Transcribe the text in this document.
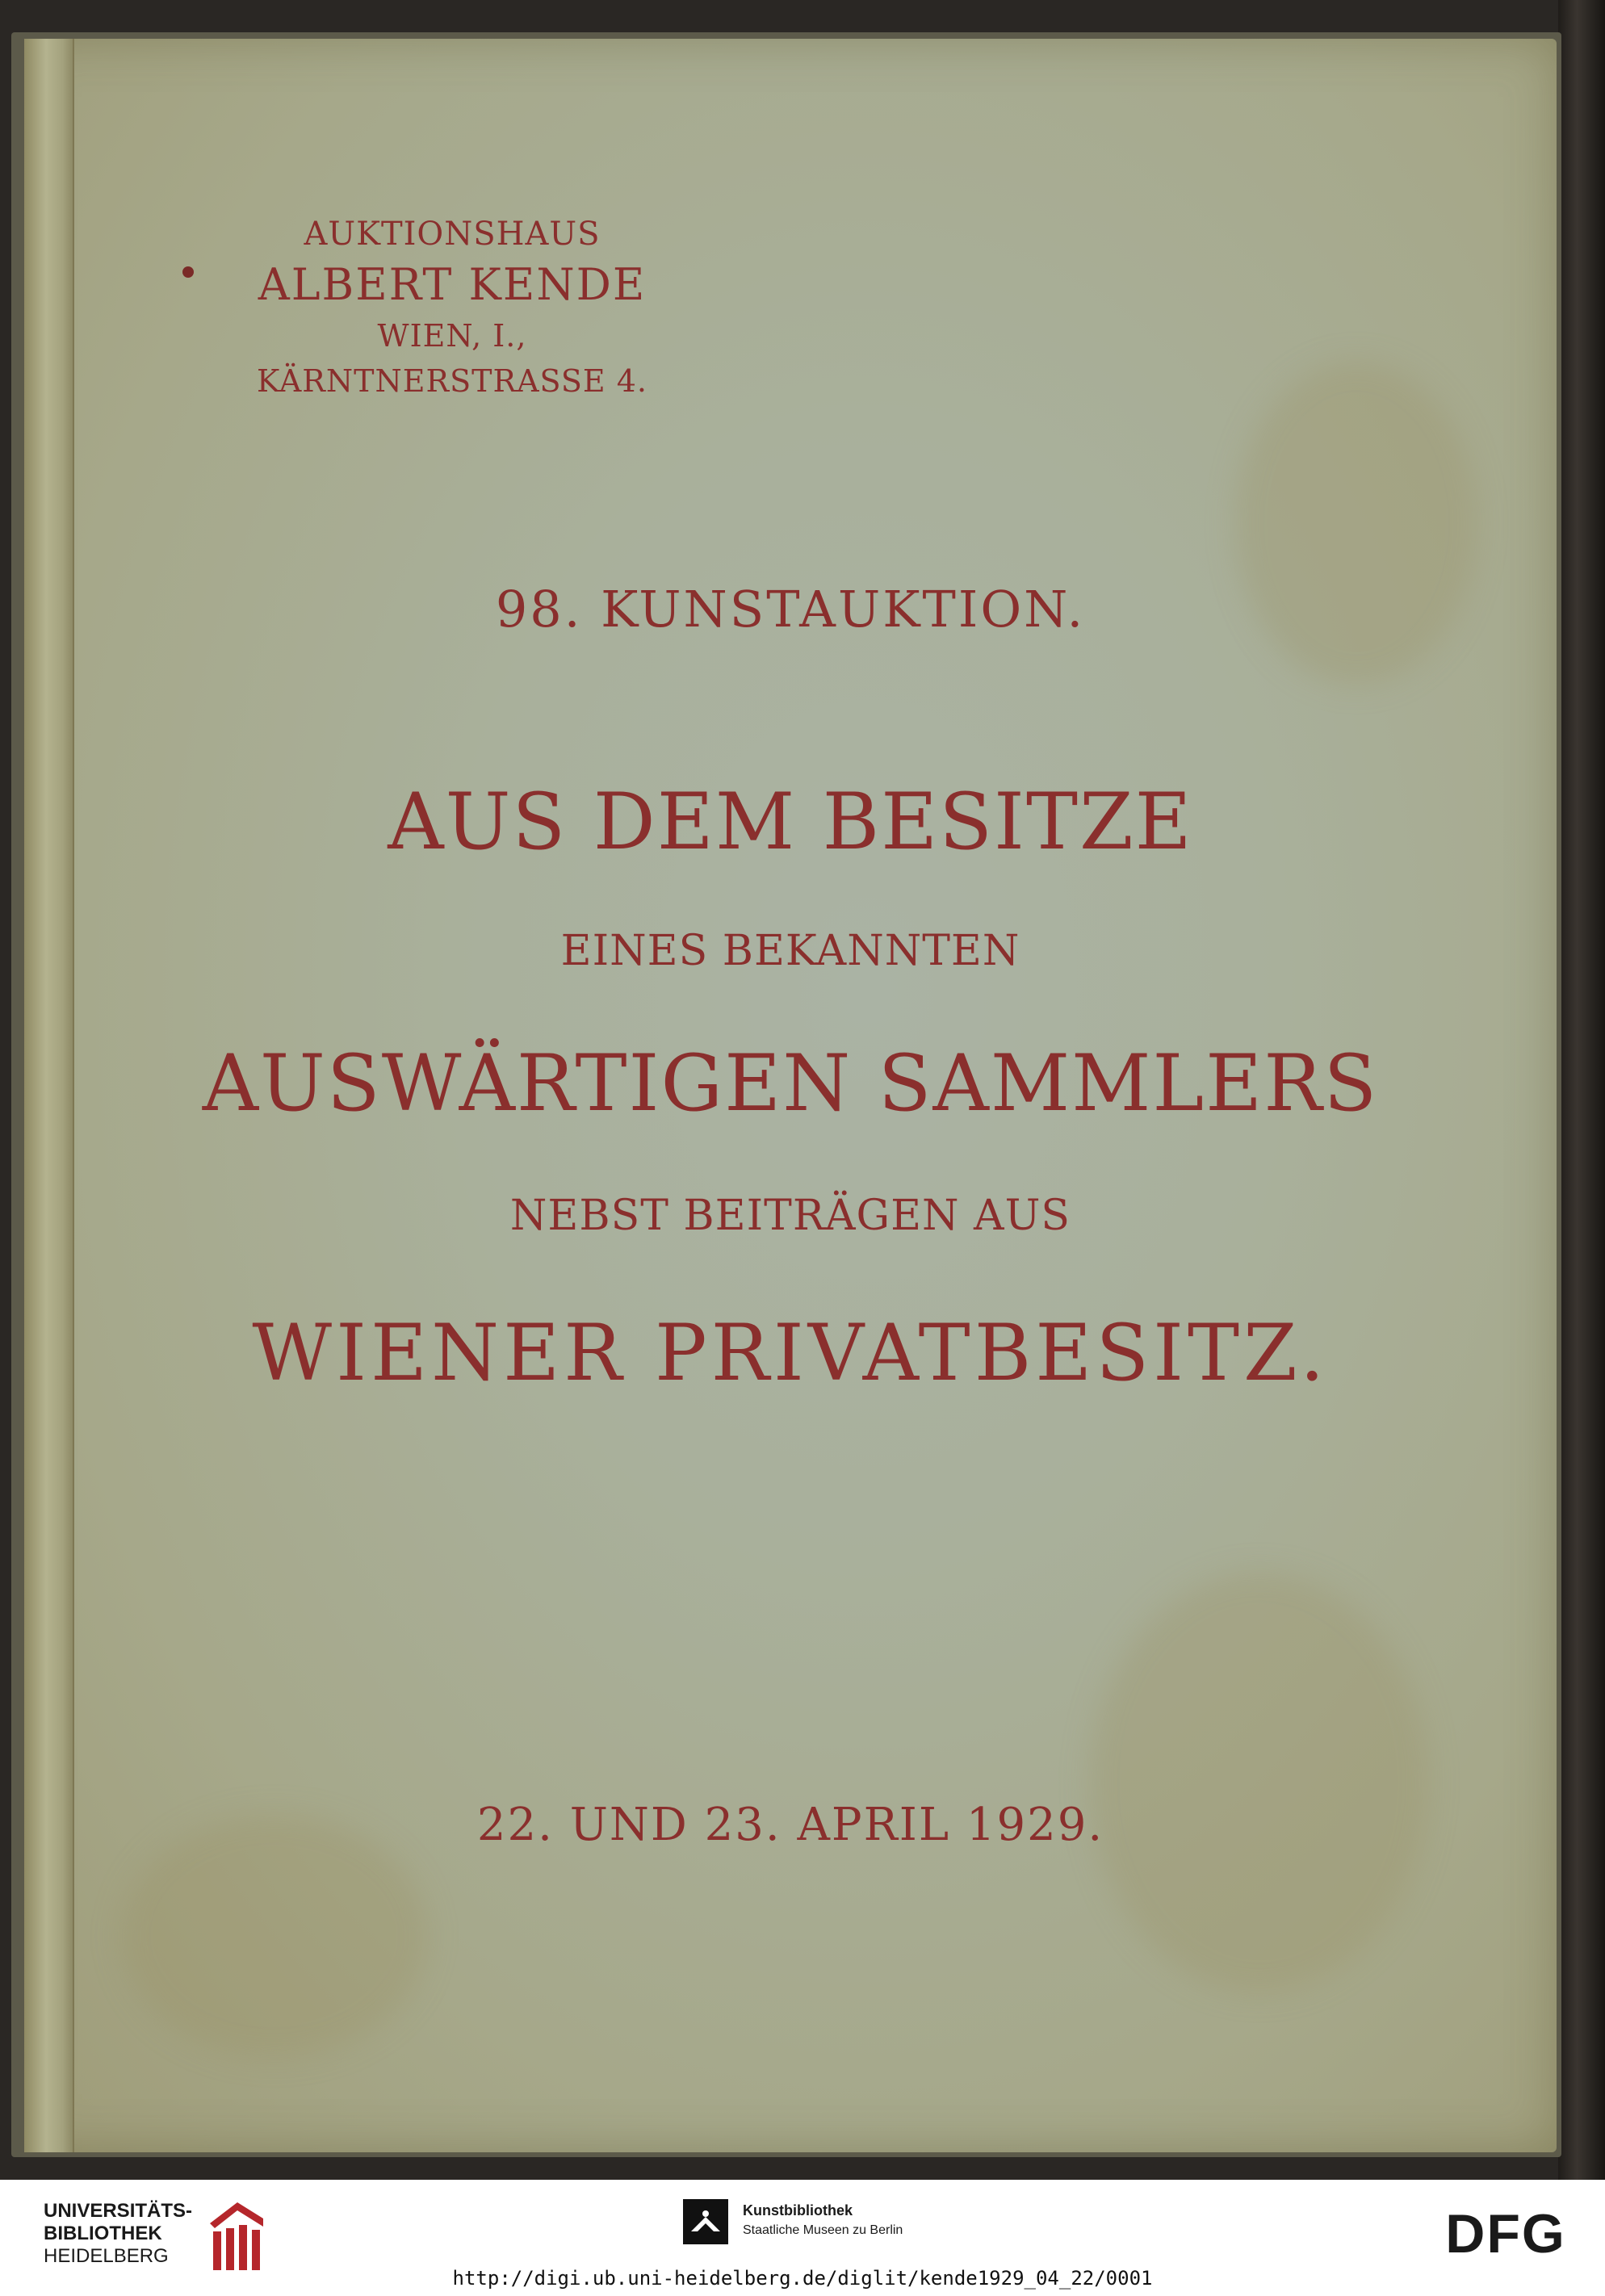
AUKTIONSHAUS
ALBERT KENDE
WIEN, I.,
KÄRNTNERSTRASSE 4.
98. KUNSTAUKTION.
AUS DEM BESITZE
EINES BEKANNTEN
AUSWÄRTIGEN SAMMLERS
NEBST BEITRÄGEN AUS
WIENER PRIVATBESITZ.
22. UND 23. APRIL 1929.
UNIVERSITÄTS-
BIBLIOTHEK
HEIDELBERG
Kunstbibliothek
Staatliche Museen zu Berlin	DFG
http://digi.ub.uni-heidelberg.de/diglit/kende1929_04_22/0001
